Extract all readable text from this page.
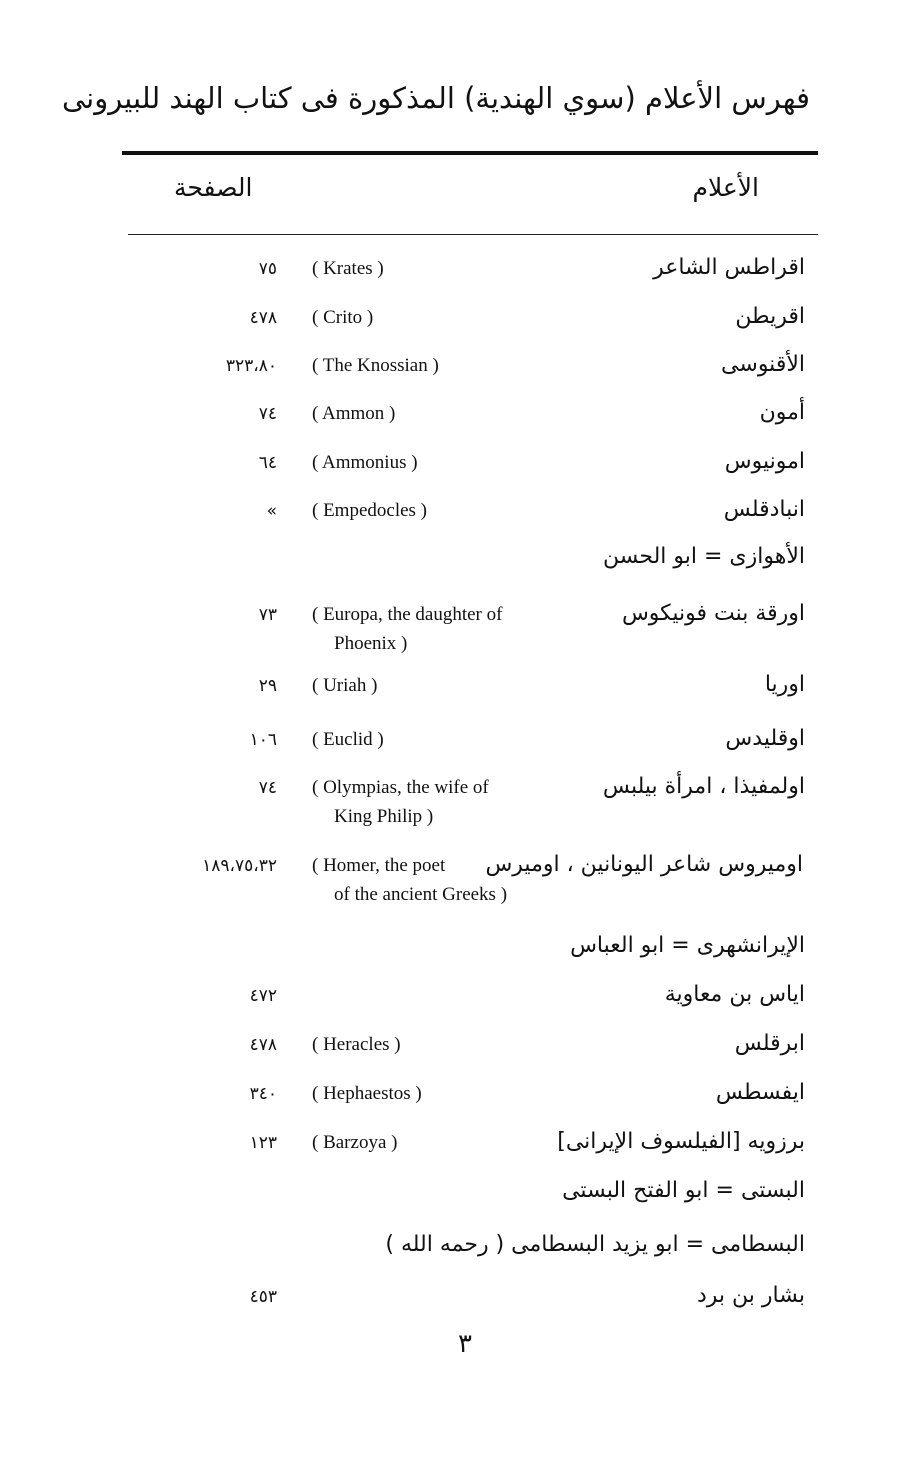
فهرس الأعلام (سوي الهندية) المذكورة فى كتاب الهند للبيرونى
الأعلام
الصفحة
اقراطس الشاعر
( Krates )
٧٥
اقريطن
( Crito )
٤٧٨
الأقنوسى
( The Knossian )
٣٢٣،٨٠
أمون
( Ammon )
٧٤
امونيوس
( Ammonius )
٦٤
انبادقلس
( Empedocles )
»
الأهوازى = ابو الحسن
اورقة بنت فونيكوس
( Europa, the daughter of
Phoenix )
٧٣
اوريا
( Uriah )
٢٩
اوقليدس
( Euclid )
١٠٦
اولمفيذا ، امرأة بيلبس
( Olympias, the wife of
King Philip )
٧٤
اوميروس شاعر اليونانين ، اوميرس
( Homer, the poet
of the ancient Greeks )
١٨٩،٧٥،٣٢
الإيرانشهرى = ابو العباس
اياس بن معاوية
٤٧٢
ابرقلس
( Heracles )
٤٧٨
ايفسطس
( Hephaestos )
٣٤٠
برزويه [الفيلسوف الإيرانى]
( Barzoya )
١٢٣
البستى = ابو الفتح البستى
البسطامى = ابو يزيد البسطامى ( رحمه الله )
بشار بن برد
٤٥٣
٣
